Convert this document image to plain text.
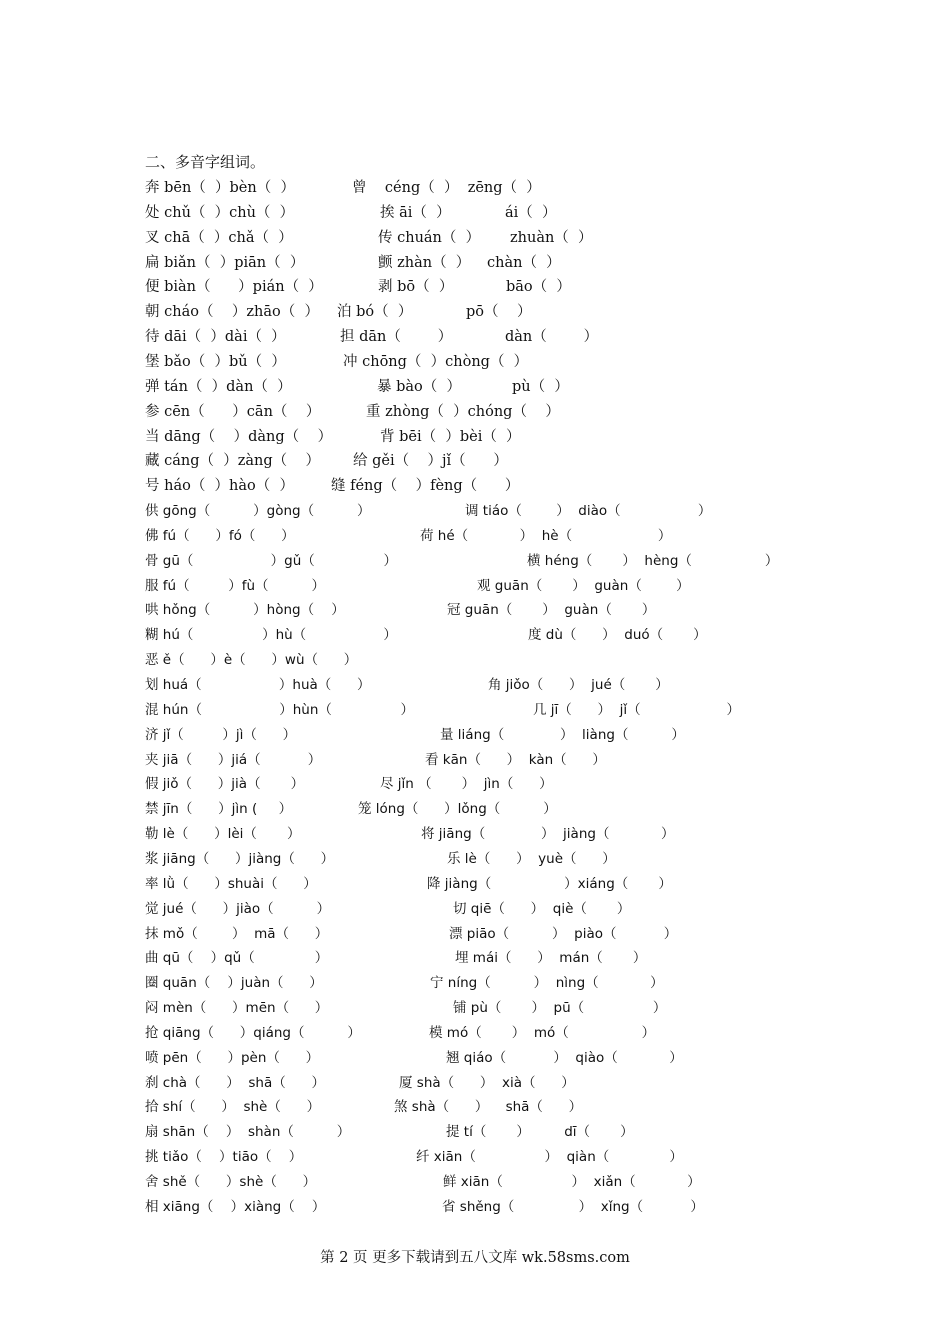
二、多音字组词。
奔 bēn（  ）bèn（  ）	曾    céng（  ）  zēng（  ）
处 chǔ（  ）chù（  ）	挨 āi（  ）	ái（  ）
叉 chā（  ）chǎ（  ）	传 chuán（  ） zhuàn（  ）
扁 biǎn（  ）piān（  ）	颤 zhàn（  ） chàn（  ）
便 biàn（      ）pián（  ）	剥 bō（  ）	bāo（  ）
朝 cháo（    ）zhāo（  ） 泊 bó（  ）	pō（    ）
待 dāi（  ）dài（  ）	担 dān（        ）	dàn（        ）
堡 bǎo（  ）bǔ（  ）	冲 chōng（  ）chòng（  ）
弹 tán（  ）dàn（  ）	暴 bào（  ）	pù（  ）
参 cēn（      ）cān（    ）	重 zhòng（  ）chóng（    ）
当 dāng（    ）dàng（    ）	背 bēi（  ）bèi（  ）
藏 cáng（  ）zàng（    ） 给 gěi（    ）jǐ（      ）
号 háo（  ）hào（  ）	缝 féng（    ）fèng（      ）
供 gōng（          ）gòng（          ）	调 tiáo（        ）  diào（                  ）
佛 fú（      ）fó（      ）	荷 hé（            ）  hè（                    ）
骨 gū（                  ）gǔ（                ）	横 héng（       ）  hèng（                 ）
服 fú（         ）fù（          ）	观 guān（       ）  guàn（        ）
哄 hǒng（          ）hòng（    ）	冠 guān（       ）  guàn（       ）
糊 hú（                ）hù（                  ）	度 dù（      ）  duó（       ）
恶 ě（      ）è（      ）wù（      ）
划 huá（                  ）huà（      ）	角 jiǒo（      ）  jué（       ）
混 hún（                  ）hùn（                ）	几 jī（      ）  jǐ（                    ）
济 jǐ（         ）jì（      ）	量 liáng（             ）  liàng（          ）
夹 jiā（      ）jiá（           ）	看 kān（      ）  kàn（      ）
假 jiǒ（      ）jià（       ）	尽 jǐn （       ）  jìn（      ）
禁 jīn（      ）jìn (     ）	笼 lóng（      ）lǒng（          ）
勒 lè（      ）lèi（       ）	将 jiāng（             ）  jiàng（            ）
浆 jiāng（      ）jiàng（      ）	乐 lè（      ）  yuè（      ）
率 lǜ（      ）shuài（      ）	降 jiàng（                 ）xiáng（       ）
觉 jué（      ）jiào（          ）	切 qiē（      ）  qiè（       ）
抹 mǒ（        ）  mā（      ）	漂 piāo（          ）  piào（           ）
曲 qū（    ）qǔ（              ）	埋 mái（      ）  mán（       ）
圈 quān（    ）juàn（      ）	宁 níng（          ）  nìng（            ）
闷 mèn（      ）mēn（      ）	铺 pù（       ）  pū（                ）
抢 qiāng（      ）qiáng（          ）	模 mó（       ）  mó（                 ）
喷 pēn（      ）pèn（      ）	翘 qiáo（           ）  qiào（            ）
刹 chà（      ）  shā（      ）	厦 shà（      ）  xià（      ）
拾 shí（      ）  shè（      ）	煞 shà（      ）    shā（      ）
扇 shān（    ）  shàn（          ）	提 tí（       ）        dī（       ）
挑 tiǎo（    ）tiāo（    ）	纤 xiān（                ）  qiàn（              ）
舍 shě（      ）shè（      ）	鲜 xiān（                ）  xiǎn（            ）
相 xiāng（    ）xiàng（    ）	省 shěng（               ）  xǐng（           ）
第 2 页 更多下载请到五八文库 wk.58sms.com
